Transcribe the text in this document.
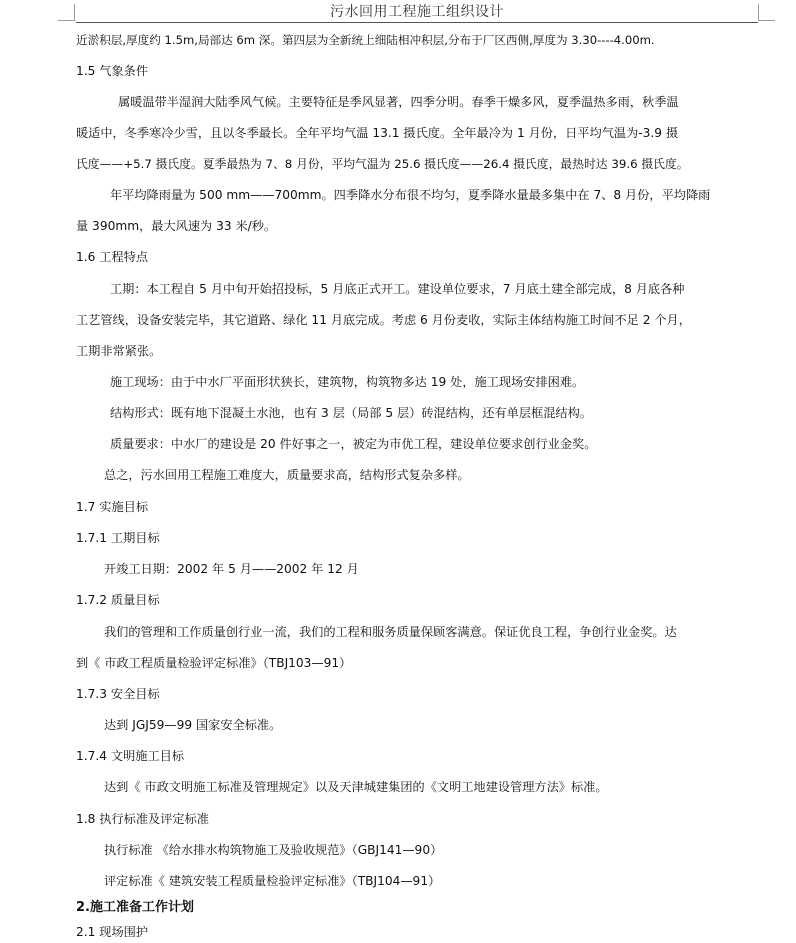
污水回用工程施工组织设计
近淤积层,厚度约 1.5m,局部达 6m 深。第四层为全新统上细陆相冲积层,分布于厂区西侧,厚度为 3.30----4.00m.
1.5 气象条件
属暖温带半湿润大陆季风气候。主要特征是季风显著，四季分明。春季干燥多风，夏季温热多雨，秋季温
暖适中，冬季寒冷少雪，且以冬季最长。全年平均气温 13.1 摄氏度。全年最冷为 1 月份，日平均气温为-3.9 摄
氏度——+5.7 摄氏度。夏季最热为 7、8 月份，平均气温为 25.6 摄氏度——26.4 摄氏度，最热时达 39.6 摄氏度。
年平均降雨量为 500 mm——700mm。四季降水分布很不均匀，夏季降水量最多集中在 7、8 月份，平均降雨
量 390mm，最大风速为 33 米/秒。
1.6 工程特点
工期：本工程自 5 月中旬开始招投标，5 月底正式开工。建设单位要求，7 月底土建全部完成，8 月底各种
工艺管线，设备安装完毕，其它道路、绿化 11 月底完成。考虑 6 月份麦收，实际主体结构施工时间不足 2 个月，
工期非常紧张。
施工现场：由于中水厂平面形状狭长，建筑物，构筑物多达 19 处，施工现场安排困难。
结构形式：既有地下混凝土水池，也有 3 层（局部 5 层）砖混结构，还有单层框混结构。
质量要求：中水厂的建设是 20 件好事之一，被定为市优工程，建设单位要求创行业金奖。
总之，污水回用工程施工难度大，质量要求高，结构形式复杂多样。
1.7 实施目标
1.7.1 工期目标
开竣工日期：2002 年 5 月——2002 年 12 月
1.7.2 质量目标
我们的管理和工作质量创行业一流，我们的工程和服务质量保顾客满意。保证优良工程，争创行业金奖。达
到《 市政工程质量检验评定标准》（TBJ103—91）
1.7.3 安全目标
达到 JGJ59—99 国家安全标准。
1.7.4 文明施工目标
达到《 市政文明施工标准及管理规定》以及天津城建集团的《文明工地建设管理方法》标准。
1.8 执行标准及评定标准
执行标准 《给水排水构筑物施工及验收规范》（GBJ141—90）
评定标准《 建筑安装工程质量检验评定标准》（TBJ104—91）
2.施工准备工作计划
2.1 现场围护
